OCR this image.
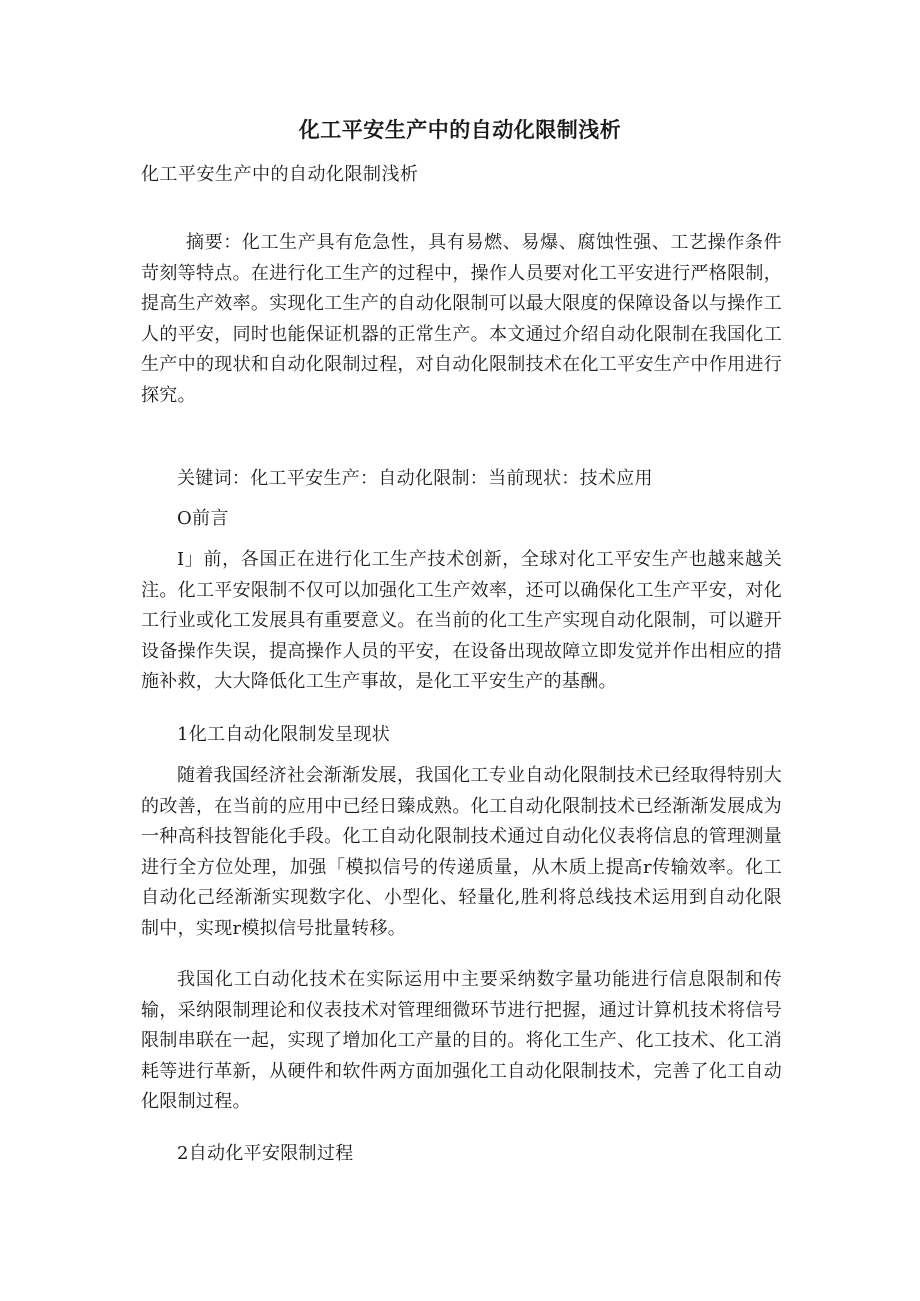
化工平安生产中的自动化限制浅析

化工平安生产中的自动化限制浅析

摘要：化工生产具有危急性，具有易燃、易爆、腐蚀性强、工艺操作条件苛刻等特点。在进行化工生产的过程中，操作人员要对化工平安进行严格限制，提高生产效率。实现化工生产的自动化限制可以最大限度的保障设备以与操作工人的平安，同时也能保证机器的正常生产。本文通过介绍自动化限制在我国化工生产中的现状和自动化限制过程，对自动化限制技术在化工平安生产中作用进行探究。

关键词：化工平安生产：自动化限制：当前现状：技术应用

O前言

I」前，各国正在进行化工生产技术创新，全球对化工平安生产也越来越关注。化工平安限制不仅可以加强化工生产效率，还可以确保化工生产平安，对化工行业或化工发展具有重要意义。在当前的化工生产实现自动化限制，可以避开设备操作失误，提高操作人员的平安，在设备出现故障立即发觉并作出相应的措施补救，大大降低化工生产事故，是化工平安生产的基酬。

1化工自动化限制发呈现状

随着我国经济社会渐渐发展，我国化工专业自动化限制技术已经取得特别大的改善，在当前的应用中已经日臻成熟。化工自动化限制技术已经渐渐发展成为一种高科技智能化手段。化工自动化限制技术通过自动化仪表将信息的管理测量进行全方位处理，加强「模拟信号的传递质量，从木质上提高r传输效率。化工自动化己经渐渐实现数字化、小型化、轻量化,胜利将总线技术运用到自动化限制中，实现r模拟信号批量转移。

我国化工白动化技术在实际运用中主要采纳数字量功能进行信息限制和传输，采纳限制理论和仪表技术对管理细微环节进行把握，通过计算机技术将信号限制串联在一起，实现了增加化工产量的目的。将化工生产、化工技术、化工消耗等进行革新，从硬件和软件两方面加强化工自动化限制技术，完善了化工自动化限制过程。

2自动化平安限制过程
